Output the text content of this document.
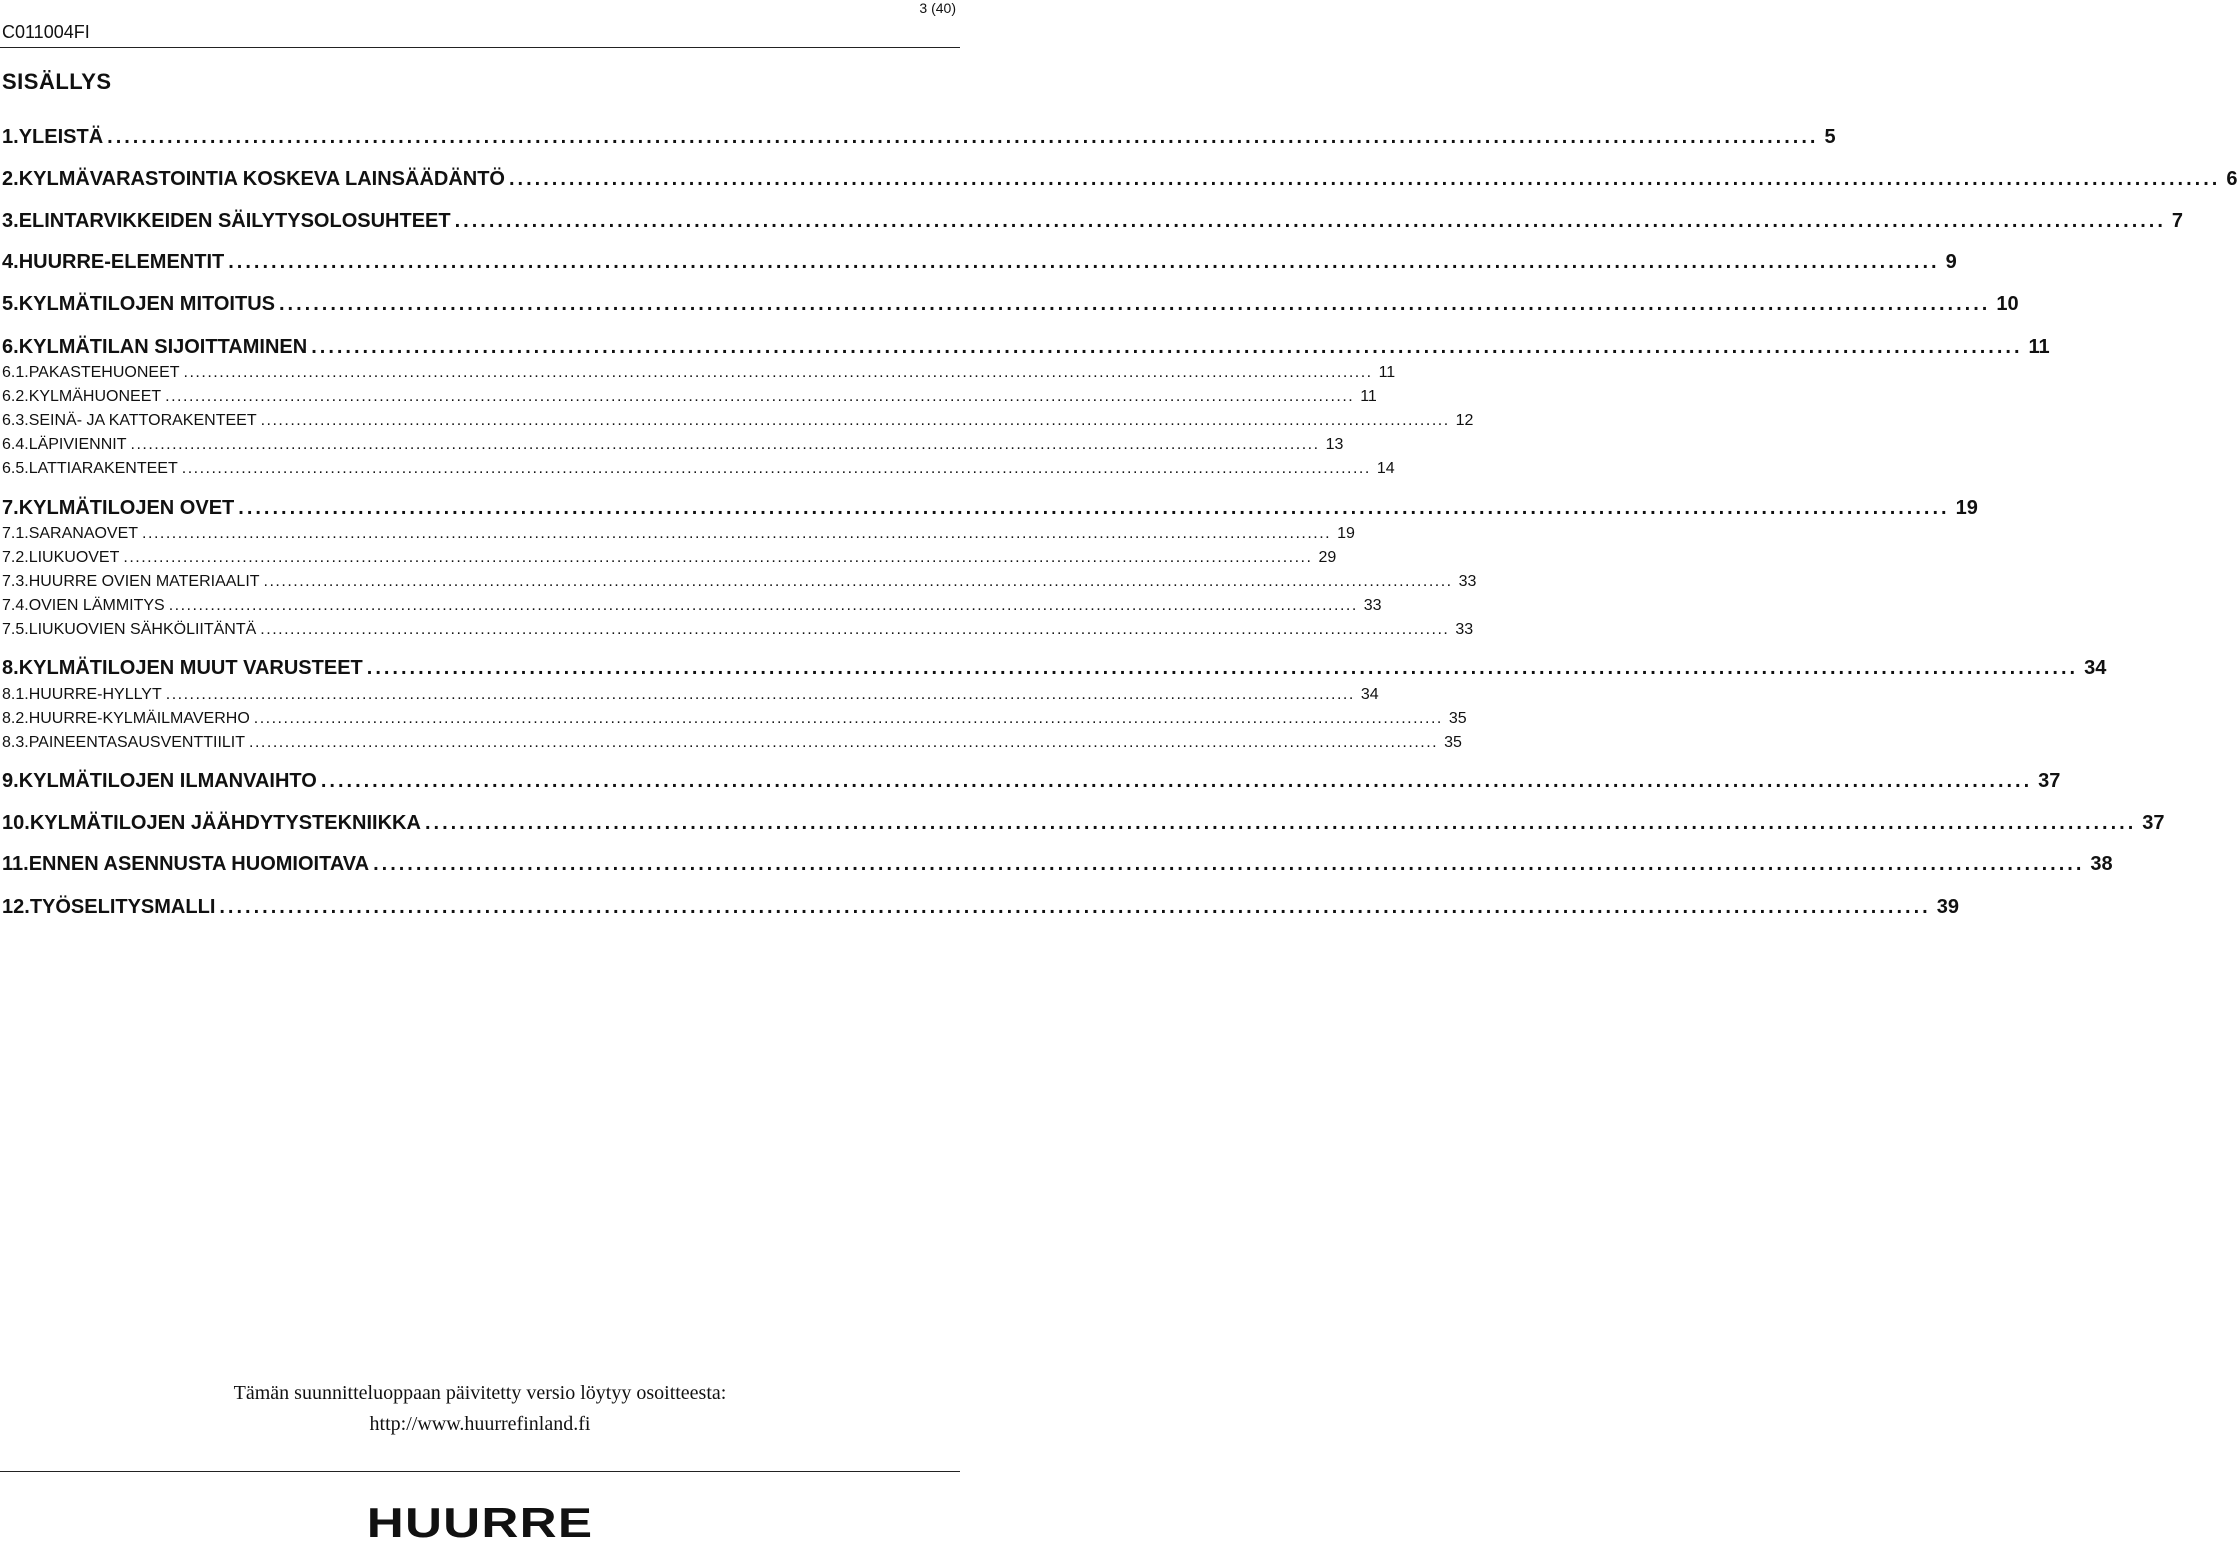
3 (40)
C011004FI
SISÄLLYS
1. YLEISTÄ ........................................................................................................................................................................................................ 5
2. KYLMÄVARASTOINTIA KOSKEVA LAINSÄÄDÄNTÖ ........................................................................................................................................................................................................ 6
3. ELINTARVIKKEIDEN SÄILYTYSOLOSUHTEET ........................................................................................................................................................................................................ 7
4. HUURRE-ELEMENTIT ........................................................................................................................................................................................................ 9
5. KYLMÄTILOJEN MITOITUS ........................................................................................................................................................................................................ 10
6. KYLMÄTILAN SIJOITTAMINEN ........................................................................................................................................................................................................ 11
6.1. PAKASTEHUONEET ........................................................................................................................................................................................................ 11
6.2. KYLMÄHUONEET ........................................................................................................................................................................................................ 11
6.3. SEINÄ- JA KATTORAKENTEET ........................................................................................................................................................................................................ 12
6.4. LÄPIVIENNIT ........................................................................................................................................................................................................ 13
6.5. LATTIARAKENTEET ........................................................................................................................................................................................................ 14
7. KYLMÄTILOJEN OVET ........................................................................................................................................................................................................ 19
7.1. SARANAOVET ........................................................................................................................................................................................................ 19
7.2. LIUKUOVET ........................................................................................................................................................................................................ 29
7.3. HUURRE OVIEN MATERIAALIT ........................................................................................................................................................................................................ 33
7.4. OVIEN LÄMMITYS ........................................................................................................................................................................................................ 33
7.5. LIUKUOVIEN SÄHKÖLIITÄNTÄ ........................................................................................................................................................................................................ 33
8. KYLMÄTILOJEN MUUT VARUSTEET ........................................................................................................................................................................................................ 34
8.1. HUURRE-HYLLYT ........................................................................................................................................................................................................ 34
8.2. HUURRE-KYLMÄILMAVERHO ........................................................................................................................................................................................................ 35
8.3. PAINEENTASAUSVENTTIILIT ........................................................................................................................................................................................................ 35
9. KYLMÄTILOJEN ILMANVAIHTO ........................................................................................................................................................................................................ 37
10. KYLMÄTILOJEN JÄÄHDYTYSTEKNIIKKA ........................................................................................................................................................................................................ 37
11. ENNEN ASENNUSTA HUOMIOITAVA ........................................................................................................................................................................................................ 38
12. TYÖSELITYSMALLI ........................................................................................................................................................................................................ 39
Tämän suunnitteluoppaan päivitetty versio löytyy osoitteesta:
http://www.huurrefinland.fi
HUURRE
